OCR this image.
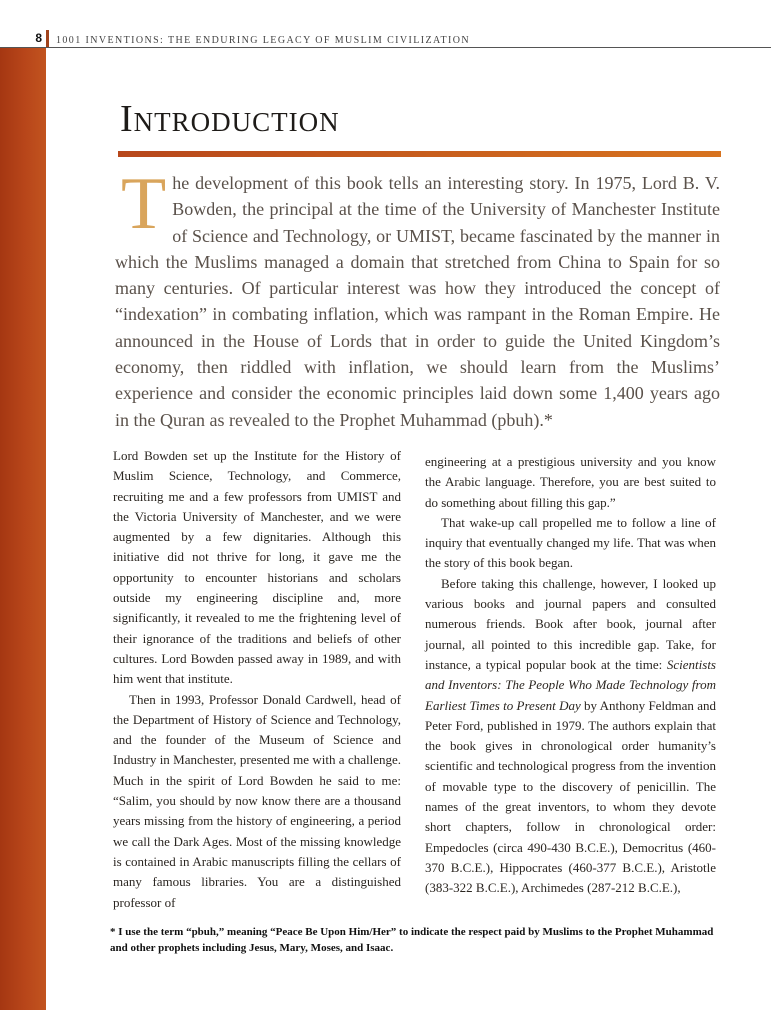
8	1001 INVENTIONS: THE ENDURING LEGACY OF MUSLIM CIVILIZATION
Introduction

The development of this book tells an interesting story. In 1975, Lord B. V. Bowden, the principal at the time of the University of Manchester Institute of Science and Technology, or UMIST, became fascinated by the manner in which the Muslims managed a domain that stretched from China to Spain for so many centuries. Of particular interest was how they introduced the concept of “indexation” in combating inflation, which was rampant in the Roman Empire. He announced in the House of Lords that in order to guide the United Kingdom’s economy, then riddled with inflation, we should learn from the Muslims’ experience and consider the economic principles laid down some 1,400 years ago in the Quran as revealed to the Prophet Muhammad (pbuh).*

Lord Bowden set up the Institute for the History of Muslim Science, Technology, and Commerce, recruiting me and a few professors from UMIST and the Victoria University of Manchester, and we were augmented by a few dignitaries. Although this initiative did not thrive for long, it gave me the opportunity to encounter historians and scholars outside my engineering discipline and, more significantly, it revealed to me the frightening level of their ignorance of the traditions and beliefs of other cultures. Lord Bowden passed away in 1989, and with him went that institute.

Then in 1993, Professor Donald Cardwell, head of the Department of History of Science and Technology, and the founder of the Museum of Science and Industry in Manchester, presented me with a challenge. Much in the spirit of Lord Bowden he said to me: “Salim, you should by now know there are a thousand years missing from the history of engineering, a period we call the Dark Ages. Most of the missing knowledge is contained in Arabic manuscripts filling the cellars of many famous libraries. You are a distinguished professor of

engineering at a prestigious university and you know the Arabic language. Therefore, you are best suited to do something about filling this gap.”

That wake-up call propelled me to follow a line of inquiry that eventually changed my life. That was when the story of this book began.

Before taking this challenge, however, I looked up various books and journal papers and consulted numerous friends. Book after book, journal after journal, all pointed to this incredible gap. Take, for instance, a typical popular book at the time: Scientists and Inventors: The People Who Made Technology from Earliest Times to Present Day by Anthony Feldman and Peter Ford, published in 1979. The authors explain that the book gives in chronological order humanity’s scientific and technological progress from the invention of movable type to the discovery of penicillin. The names of the great inventors, to whom they devote short chapters, follow in chronological order: Empedocles (circa 490-430 B.C.E.), Democritus (460-370 B.C.E.), Hippocrates (460-377 B.C.E.), Aristotle (383-322 B.C.E.), Archimedes (287-212 B.C.E.),

* I use the term “pbuh,” meaning “Peace Be Upon Him/Her” to indicate the respect paid by Muslims to the Prophet Muhammad and other prophets including Jesus, Mary, Moses, and Isaac.
